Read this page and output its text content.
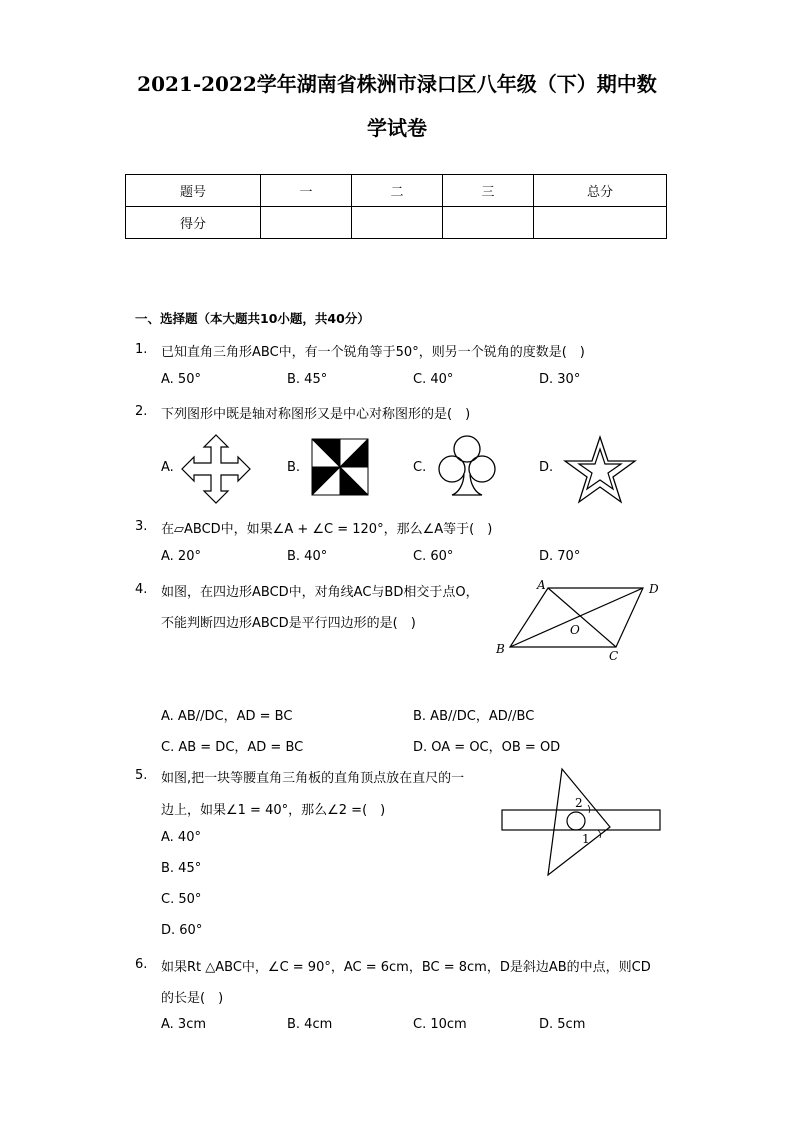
2021-2022学年湖南省株洲市渌口区八年级（下）期中数
学试卷
题号	一	二	三	总分
得分				
一、选择题（本大题共10小题，共40分）
1. 已知直角三角形ABC中，有一个锐角等于50°，则另一个锐角的度数是(　)
A. 50°	B. 45°	C. 40°	D. 30°
2. 下列图形中既是轴对称图形又是中心对称图形的是(　)
A.	B.	C.	D.
3. 在▱ABCD中，如果∠A + ∠C = 120°，那么∠A等于(　)
A. 20°	B. 40°	C. 60°	D. 70°
4. 如图，在四边形ABCD中，对角线AC与BD相交于点O，
不能判断四边形ABCD是平行四边形的是(　)
A	D
B	C
O
A. AB//DC，AD = BC	B. AB//DC，AD//BC
C. AB = DC，AD = BC	D. OA = OC，OB = OD
5. 如图,把一块等腰直角三角板的直角顶点放在直尺的一
边上，如果∠1 = 40°，那么∠2 =(　)
A. 40°
B. 45°
C. 50°
D. 60°
2
1
6. 如果Rt △ABC中，∠C = 90°，AC = 6cm，BC = 8cm，D是斜边AB的中点，则CD
的长是(　)
A. 3cm	B. 4cm	C. 10cm	D. 5cm
